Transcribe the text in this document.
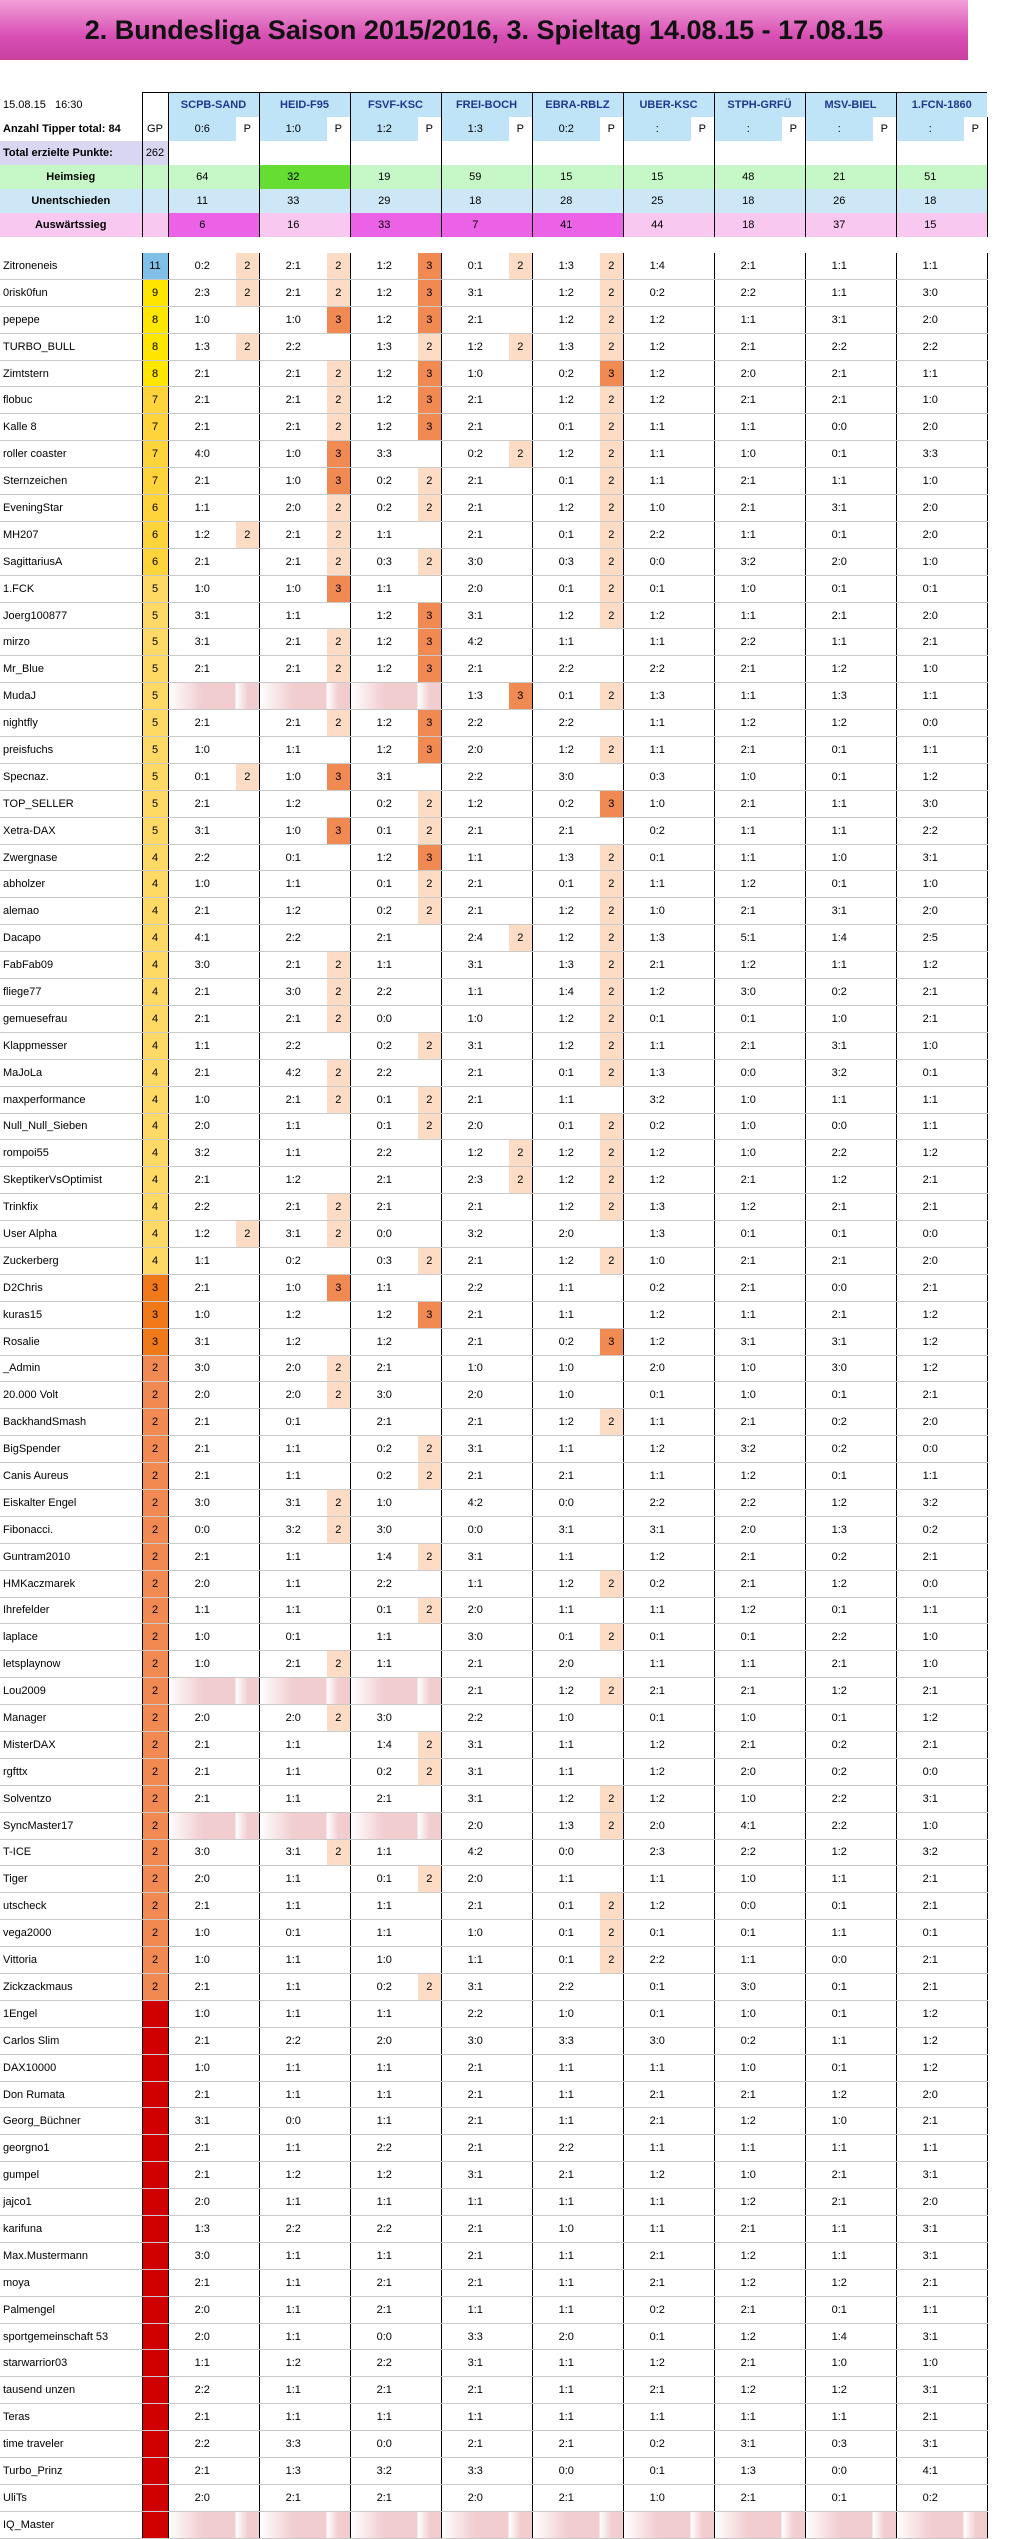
2. Bundesliga Saison 2015/2016, 3. Spieltag 14.08.15 - 17.08.15
15.08.15 16:30		SCPB-SAND		HEID-F95		FSVF-KSC		FREI-BOCH		EBRA-RBLZ		UBER-KSC		STPH-GRFÜ		MSV-BIEL		1.FCN-1860	
Anzahl Tipper total: 84	GP	0:6	P	1:0	P	1:2	P	1:3	P	0:2	P	:	P	:	P	:	P	:	P
Total erzielte Punkte:	262																		
Heimsieg		64		32		19		59		15		15		48		21		51	
Unentschieden		11		33		29		18		28		25		18		26		18	
Auswärtssieg		6		16		33		7		41		44		18		37		15	

Zitroneneis	11	0:2	2	2:1	2	1:2	3	0:1	2	1:3	2	1:4		2:1		1:1		1:1	
0risk0fun	9	2:3	2	2:1	2	1:2	3	3:1		1:2	2	0:2		2:2		1:1		3:0	
pepepe	8	1:0		1:0	3	1:2	3	2:1		1:2	2	1:2		1:1		3:1		2:0	
TURBO_BULL	8	1:3	2	2:2		1:3	2	1:2	2	1:3	2	1:2		2:1		2:2		2:2	
Zimtstern	8	2:1		2:1	2	1:2	3	1:0		0:2	3	1:2		2:0		2:1		1:1	
flobuc	7	2:1		2:1	2	1:2	3	2:1		1:2	2	1:2		2:1		2:1		1:0	
Kalle 8	7	2:1		2:1	2	1:2	3	2:1		0:1	2	1:1		1:1		0:0		2:0	
roller coaster	7	4:0		1:0	3	3:3		0:2	2	1:2	2	1:1		1:0		0:1		3:3	
Sternzeichen	7	2:1		1:0	3	0:2	2	2:1		0:1	2	1:1		2:1		1:1		1:0	
EveningStar	6	1:1		2:0	2	0:2	2	2:1		1:2	2	1:0		2:1		3:1		2:0	
MH207	6	1:2	2	2:1	2	1:1		2:1		0:1	2	2:2		1:1		0:1		2:0	
SagittariusA	6	2:1		2:1	2	0:3	2	3:0		0:3	2	0:0		3:2		2:0		1:0	
1.FCK	5	1:0		1:0	3	1:1		2:0		0:1	2	0:1		1:0		0:1		0:1	
Joerg100877	5	3:1		1:1		1:2	3	3:1		1:2	2	1:2		1:1		2:1		2:0	
mirzo	5	3:1		2:1	2	1:2	3	4:2		1:1		1:1		2:2		1:1		2:1	
Mr_Blue	5	2:1		2:1	2	1:2	3	2:1		2:2		2:2		2:1		1:2		1:0	
MudaJ	5							1:3	3	0:1	2	1:3		1:1		1:3		1:1	
nightfly	5	2:1		2:1	2	1:2	3	2:2		2:2		1:1		1:2		1:2		0:0	
preisfuchs	5	1:0		1:1		1:2	3	2:0		1:2	2	1:1		2:1		0:1		1:1	
Specnaz.	5	0:1	2	1:0	3	3:1		2:2		3:0		0:3		1:0		0:1		1:2	
TOP_SELLER	5	2:1		1:2		0:2	2	1:2		0:2	3	1:0		2:1		1:1		3:0	
Xetra-DAX	5	3:1		1:0	3	0:1	2	2:1		2:1		0:2		1:1		1:1		2:2	
Zwergnase	4	2:2		0:1		1:2	3	1:1		1:3	2	0:1		1:1		1:0		3:1	
abholzer	4	1:0		1:1		0:1	2	2:1		0:1	2	1:1		1:2		0:1		1:0	
alemao	4	2:1		1:2		0:2	2	2:1		1:2	2	1:0		2:1		3:1		2:0	
Dacapo	4	4:1		2:2		2:1		2:4	2	1:2	2	1:3		5:1		1:4		2:5	
FabFab09	4	3:0		2:1	2	1:1		3:1		1:3	2	2:1		1:2		1:1		1:2	
fliege77	4	2:1		3:0	2	2:2		1:1		1:4	2	1:2		3:0		0:2		2:1	
gemuesefrau	4	2:1		2:1	2	0:0		1:0		1:2	2	0:1		0:1		1:0		2:1	
Klappmesser	4	1:1		2:2		0:2	2	3:1		1:2	2	1:1		2:1		3:1		1:0	
MaJoLa	4	2:1		4:2	2	2:2		2:1		0:1	2	1:3		0:0		3:2		0:1	
maxperformance	4	1:0		2:1	2	0:1	2	2:1		1:1		3:2		1:0		1:1		1:1	
Null_Null_Sieben	4	2:0		1:1		0:1	2	2:0		0:1	2	0:2		1:0		0:0		1:1	
rompoi55	4	3:2		1:1		2:2		1:2	2	1:2	2	1:2		1:0		2:2		1:2	
SkeptikerVsOptimist	4	2:1		1:2		2:1		2:3	2	1:2	2	1:2		2:1		1:2		2:1	
Trinkfix	4	2:2		2:1	2	2:1		2:1		1:2	2	1:3		1:2		2:1		2:1	
User Alpha	4	1:2	2	3:1	2	0:0		3:2		2:0		1:3		0:1		0:1		0:0	
Zuckerberg	4	1:1		0:2		0:3	2	2:1		1:2	2	1:0		2:1		2:1		2:0	
D2Chris	3	2:1		1:0	3	1:1		2:2		1:1		0:2		2:1		0:0		2:1	
kuras15	3	1:0		1:2		1:2	3	2:1		1:1		1:2		1:1		2:1		1:2	
Rosalie	3	3:1		1:2		1:2		2:1		0:2	3	1:2		3:1		3:1		1:2	
_Admin	2	3:0		2:0	2	2:1		1:0		1:0		2:0		1:0		3:0		1:2	
20.000 Volt	2	2:0		2:0	2	3:0		2:0		1:0		0:1		1:0		0:1		2:1	
BackhandSmash	2	2:1		0:1		2:1		2:1		1:2	2	1:1		2:1		0:2		2:0	
BigSpender	2	2:1		1:1		0:2	2	3:1		1:1		1:2		3:2		0:2		0:0	
Canis Aureus	2	2:1		1:1		0:2	2	2:1		2:1		1:1		1:2		0:1		1:1	
Eiskalter Engel	2	3:0		3:1	2	1:0		4:2		0:0		2:2		2:2		1:2		3:2	
Fibonacci.	2	0:0		3:2	2	3:0		0:0		3:1		3:1		2:0		1:3		0:2	
Guntram2010	2	2:1		1:1		1:4	2	3:1		1:1		1:2		2:1		0:2		2:1	
HMKaczmarek	2	2:0		1:1		2:2		1:1		1:2	2	0:2		2:1		1:2		0:0	
Ihrefelder	2	1:1		1:1		0:1	2	2:0		1:1		1:1		1:2		0:1		1:1	
laplace	2	1:0		0:1		1:1		3:0		0:1	2	0:1		0:1		2:2		1:0	
letsplaynow	2	1:0		2:1	2	1:1		2:1		2:0		1:1		1:1		2:1		1:0	
Lou2009	2							2:1		1:2	2	2:1		2:1		1:2		2:1	
Manager	2	2:0		2:0	2	3:0		2:2		1:0		0:1		1:0		0:1		1:2	
MisterDAX	2	2:1		1:1		1:4	2	3:1		1:1		1:2		2:1		0:2		2:1	
rgfttx	2	2:1		1:1		0:2	2	3:1		1:1		1:2		2:0		0:2		0:0	
Solventzo	2	2:1		1:1		2:1		3:1		1:2	2	1:2		1:0		2:2		3:1	
SyncMaster17	2							2:0		1:3	2	2:0		4:1		2:2		1:0	
T-ICE	2	3:0		3:1	2	1:1		4:2		0:0		2:3		2:2		1:2		3:2	
Tiger	2	2:0		1:1		0:1	2	2:0		1:1		1:1		1:0		1:1		2:1	
utscheck	2	2:1		1:1		1:1		2:1		0:1	2	1:2		0:0		0:1		2:1	
vega2000	2	1:0		0:1		1:1		1:0		0:1	2	0:1		0:1		1:1		0:1	
Vittoria	2	1:0		1:1		1:0		1:1		0:1	2	2:2		1:1		0:0		2:1	
Zickzackmaus	2	2:1		1:1		0:2	2	3:1		2:2		0:1		3:0		0:1		2:1	
1Engel	0	1:0		1:1		1:1		2:2		1:0		0:1		1:0		0:1		1:2	
Carlos Slim	0	2:1		2:2		2:0		3:0		3:3		3:0		0:2		1:1		1:2	
DAX10000	0	1:0		1:1		1:1		2:1		1:1		1:1		1:0		0:1		1:2	
Don Rumata	0	2:1		1:1		1:1		2:1		1:1		2:1		2:1		1:2		2:0	
Georg_Büchner	0	3:1		0:0		1:1		2:1		1:1		2:1		1:2		1:0		2:1	
georgno1	0	2:1		1:1		2:2		2:1		2:2		1:1		1:1		1:1		1:1	
gumpel	0	2:1		1:2		1:2		3:1		2:1		1:2		1:0		2:1		3:1	
jajco1	0	2:0		1:1		1:1		1:1		1:1		1:1		1:2		2:1		2:0	
karifuna	0	1:3		2:2		2:2		2:1		1:0		1:1		2:1		1:1		3:1	
Max.Mustermann	0	3:0		1:1		1:1		2:1		1:1		2:1		1:2		1:1		3:1	
moya	0	2:1		1:1		2:1		2:1		1:1		2:1		1:2		1:2		2:1	
Palmengel	0	2:0		1:1		2:1		1:1		1:1		0:2		2:1		0:1		1:1	
sportgemeinschaft 53	0	2:0		1:1		0:0		3:3		2:0		0:1		1:2		1:4		3:1	
starwarrior03	0	1:1		1:2		2:2		3:1		1:1		1:2		2:1		1:0		1:0	
tausend unzen	0	2:2		1:1		2:1		2:1		1:1		2:1		1:2		1:2		3:1	
Teras	0	2:1		1:1		1:1		1:1		1:1		1:1		1:1		1:1		2:1	
time traveler	0	2:2		3:3		0:0		2:1		2:1		0:2		3:1		0:3		3:1	
Turbo_Prinz	0	2:1		1:3		3:2		3:3		0:0		0:1		1:3		0:0		4:1	
UliTs	0	2:0		2:1		2:1		2:0		2:1		1:0		2:1		0:1		0:2	
IQ_Master	0																		
